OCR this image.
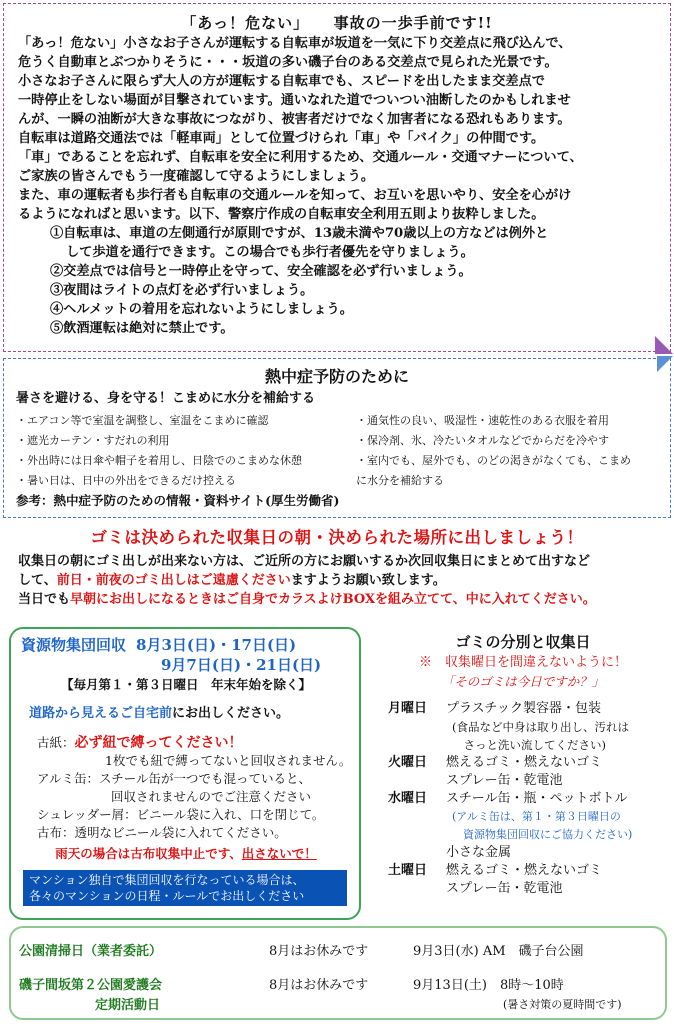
「あっ！危ない」　　事故の一歩手前です!!

「あっ！危ない」小さなお子さんが運転する自転車が坂道を一気に下り交差点に飛び込んで、

危うく自動車とぶつかりそうに・・・坂道の多い磯子台のある交差点で見られた光景です。

小さなお子さんに限らず大人の方が運転する自転車でも、スピードを出したまま交差点で

一時停止をしない場面が目撃されています。通いなれた道でついつい油断したのかもしれませ

んが、一瞬の油断が大きな事故につながり、被害者だけでなく加害者になる恐れもあります。

自転車は道路交通法では「軽車両」として位置づけられ「車」や「バイク」の仲間です。

「車」であることを忘れず、自転車を安全に利用するため、交通ルール・交通マナーについて、

ご家族の皆さんでもう一度確認して守るようにしましょう。

また、車の運転者も歩行者も自転車の交通ルールを知って、お互いを思いやり、安全を心がけ

るようになればと思います。以下、警察庁作成の自転車安全利用五則より抜粋しました。

①自転車は、車道の左側通行が原則ですが、13歳未満や70歳以上の方などは例外と

して歩道を通行できます。この場合でも歩行者優先を守りましょう。

②交差点では信号と一時停止を守って、安全確認を必ず行いましょう。

③夜間はライトの点灯を必ず行いましょう。

④ヘルメットの着用を忘れないようにしましょう。

⑤飲酒運転は絶対に禁止です。

熱中症予防のために
暑さを避ける、身を守る！こまめに水分を補給する

・エアコン等で室温を調整し、室温をこまめに確認

・遮光カーテン・すだれの利用

・外出時には日傘や帽子を着用し、日陰でのこまめな休憩

・暑い日は、日中の外出をできるだけ控える

・通気性の良い、吸湿性・速乾性のある衣服を着用

・保冷剤、氷、冷たいタオルなどでからだを冷やす

・室内でも、屋外でも、のどの渇きがなくても、こまめ

に水分を補給する

参考：熱中症予防のための情報・資料サイト(厚生労働省)
ゴミは決められた収集日の朝・決められた場所に出しましょう！

収集日の朝にゴミ出しが出来ない方は、ご近所の方にお願いするか次回収集日にまとめて出すなど

して、前日・前夜のゴミ出しはご遠慮くださいますようお願い致します。

当日でも早朝にお出しになるときはご自身でカラスよけBOXを組み立てて、中に入れてください。

資源物集団回収 8月3日(日)・17日(日)
9月7日(日)・21日(日)
【毎月第１・第３日曜日　年末年始を除く】
道路から見えるご自宅前にお出しください。

古紙：必ず紐で縛ってください！

1枚でも紐で縛ってないと回収されません。

アルミ缶：スチール缶が一つでも混っていると、

回収されませんのでご注意ください

シュレッダー屑：ビニール袋に入れ、口を閉じて。

古布：透明なビニール袋に入れてください。

雨天の場合は古布収集中止です、出さないで！
マンション独自で集団回収を行なっている場合は、
各々のマンションの日程・ルールでお出しください
ゴミの分別と収集日
※　収集曜日を間違えないように！
「そのゴミは今日ですか？」
月曜日	プラスチック製容器・包装

(食品など中身は取り出し、汚れは

　さっと洗い流してください)

火曜日	燃えるゴミ・燃えないゴミ

スプレー缶・乾電池

水曜日	スチール缶・瓶・ペットボトル

(アルミ缶は、第１・第３日曜日の

　資源物集団回収にご協力ください)

小さな金属

土曜日	燃えるゴミ・燃えないゴミ

スプレー缶・乾電池

公園清掃日（業者委託）	8月はお休みです	9月3日(水) AM　磯子台公園
磯子間坂第２公園愛護会
定期活動日
8月はお休みです	9月13日(土)　8時～10時
(暑さ対策の夏時間です)
